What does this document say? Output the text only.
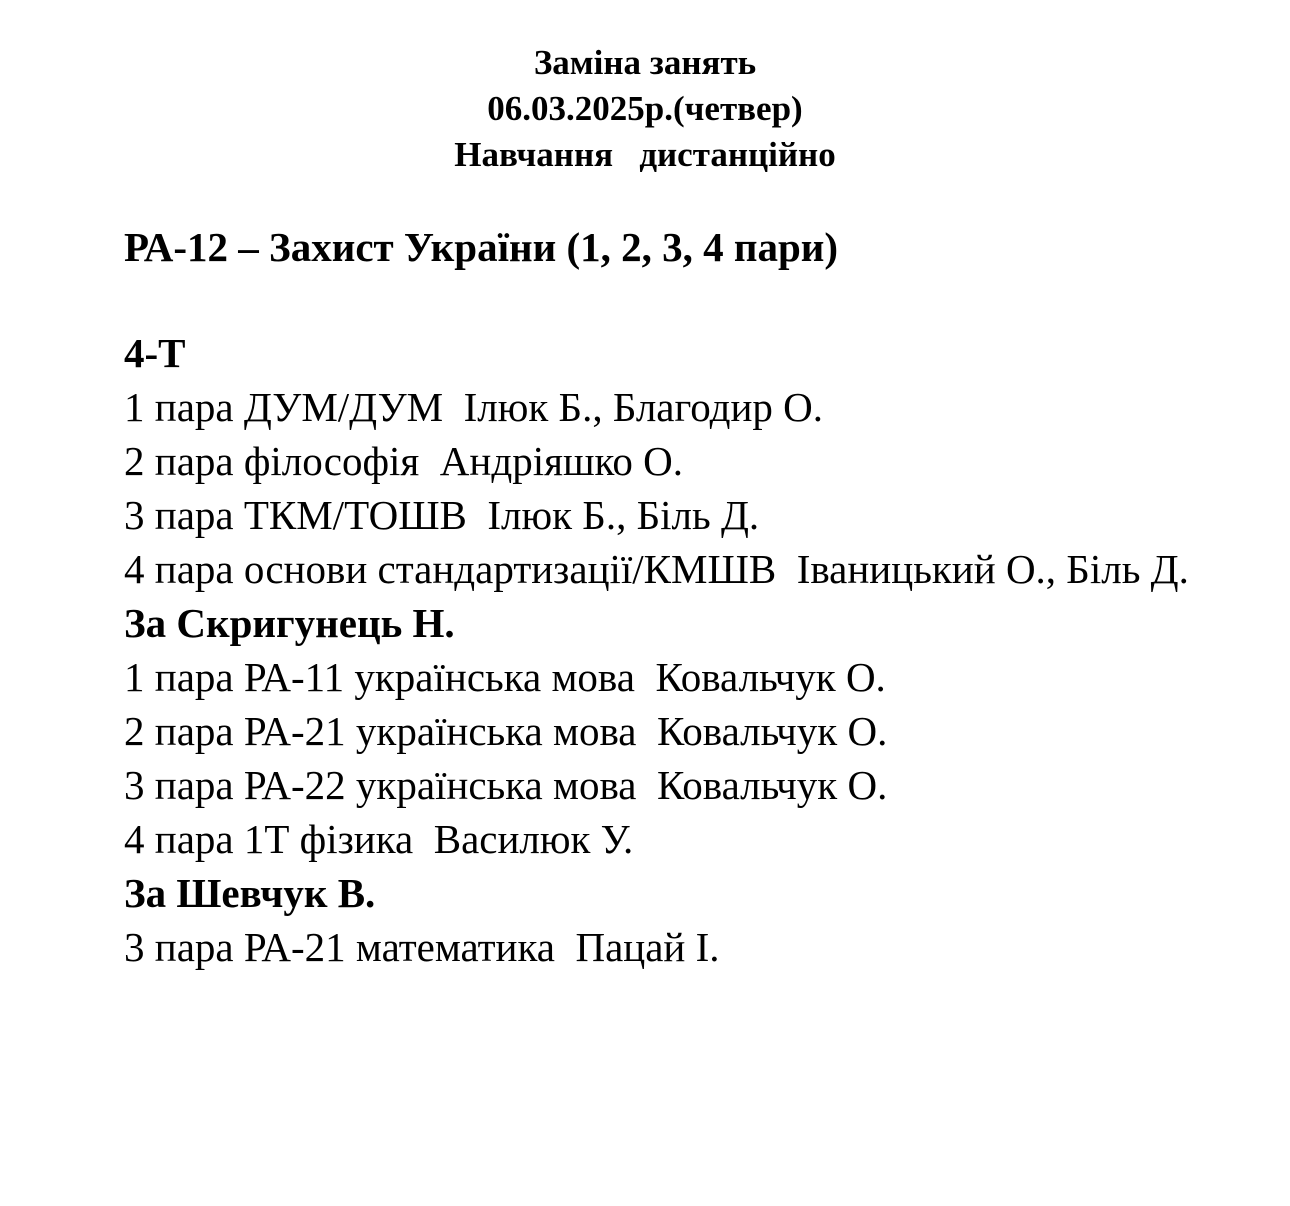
Заміна занять
06.03.2025р.(четвер)
Навчання   дистанційно

РА-12 – Захист України (1, 2, 3, 4 пари)

4-Т
1 пара ДУМ/ДУМ  Ілюк Б., Благодир О.
2 пара філософія  Андріяшко О.
3 пара ТКМ/ТОШВ  Ілюк Б., Біль Д.
4 пара основи стандартизації/КМШВ  Іваницький О., Біль Д.
За Скригунець Н.
1 пара РА-11 українська мова  Ковальчук О.
2 пара РА-21 українська мова  Ковальчук О.
3 пара РА-22 українська мова  Ковальчук О.
4 пара 1Т фізика  Василюк У.
За Шевчук В.
3 пара РА-21 математика  Пацай І.
